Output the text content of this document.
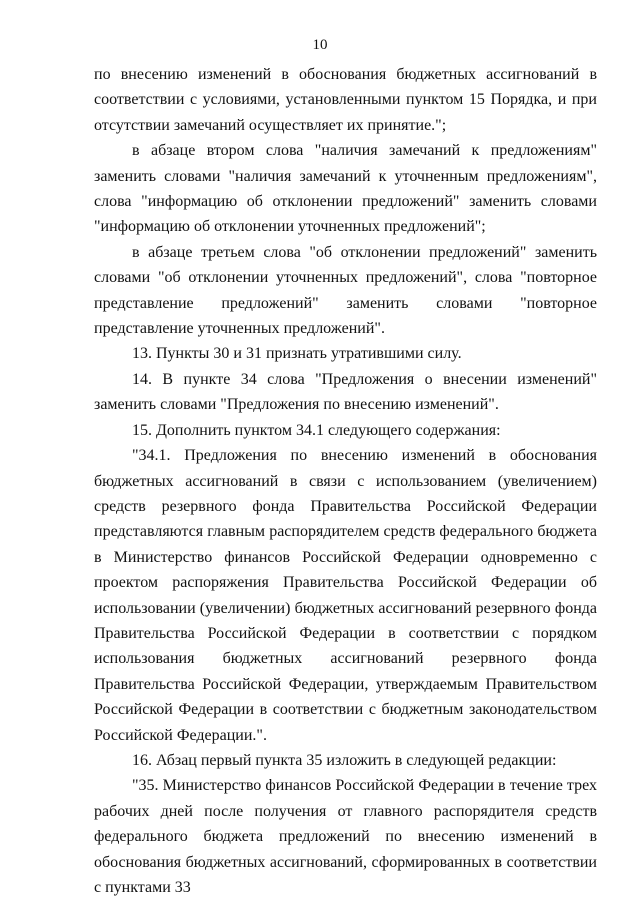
10

по внесению изменений в обоснования бюджетных ассигнований в соответствии с условиями, установленными пунктом 15 Порядка, и при отсутствии замечаний осуществляет их принятие.";

в абзаце втором слова "наличия замечаний к предложениям" заменить словами "наличия замечаний к уточненным предложениям", слова "информацию об отклонении предложений" заменить словами "информацию об отклонении уточненных предложений";

в абзаце третьем слова "об отклонении предложений" заменить словами "об отклонении уточненных предложений", слова "повторное представление предложений" заменить словами "повторное представление уточненных предложений".

13. Пункты 30 и 31 признать утратившими силу.

14. В пункте 34 слова "Предложения о внесении изменений" заменить словами "Предложения по внесению изменений".

15. Дополнить пунктом 34.1 следующего содержания:

"34.1. Предложения по внесению изменений в обоснования бюджетных ассигнований в связи с использованием (увеличением) средств резервного фонда Правительства Российской Федерации представляются главным распорядителем средств федерального бюджета в Министерство финансов Российской Федерации одновременно с проектом распоряжения Правительства Российской Федерации об использовании (увеличении) бюджетных ассигнований резервного фонда Правительства Российской Федерации в соответствии с порядком использования бюджетных ассигнований резервного фонда Правительства Российской Федерации, утверждаемым Правительством Российской Федерации в соответствии с бюджетным законодательством Российской Федерации.".

16. Абзац первый пункта 35 изложить в следующей редакции:

"35. Министерство финансов Российской Федерации в течение трех рабочих дней после получения от главного распорядителя средств федерального бюджета предложений по внесению изменений в обоснования бюджетных ассигнований, сформированных в соответствии с пунктами 33
